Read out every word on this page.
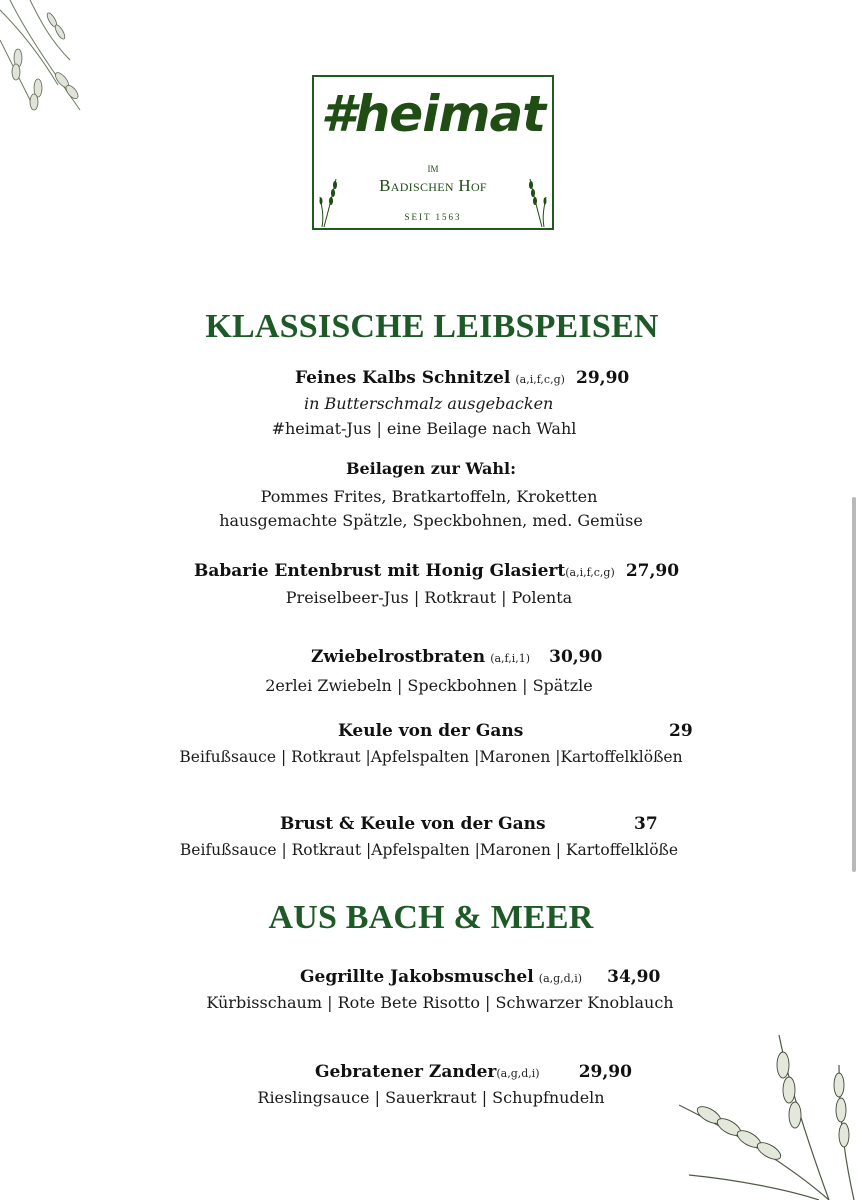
#heimat
IM
Badischen Hof
SEIT 1563
KLASSISCHE LEIBSPEISEN
Feines Kalbs Schnitzel (a,i,f,c,g) 29,90
in Butterschmalz ausgebacken
#heimat-Jus | eine Beilage nach Wahl
Beilagen zur Wahl:
Pommes Frites, Bratkartoffeln, Kroketten
hausgemachte Spätzle, Speckbohnen, med. Gemüse
Babarie Entenbrust mit Honig Glasiert(a,i,f,c,g) 27,90
Preiselbeer-Jus | Rotkraut | Polenta
Zwiebelrostbraten (a,f,i,1) 30,90
2erlei Zwiebeln | Speckbohnen | Spätzle
Keule von der Gans	29
Beifußsauce | Rotkraut |Apfelspalten |Maronen |Kartoffelklößen
Brust & Keule von der Gans	37
Beifußsauce | Rotkraut |Apfelspalten |Maronen | Kartoffelklöße
AUS BACH & MEER
Gegrillte Jakobsmuschel (a,g,d,i) 34,90
Kürbisschaum | Rote Bete Risotto | Schwarzer Knoblauch
Gebratener Zander(a,g,d,i) 29,90
Rieslingsauce | Sauerkraut | Schupfnudeln
